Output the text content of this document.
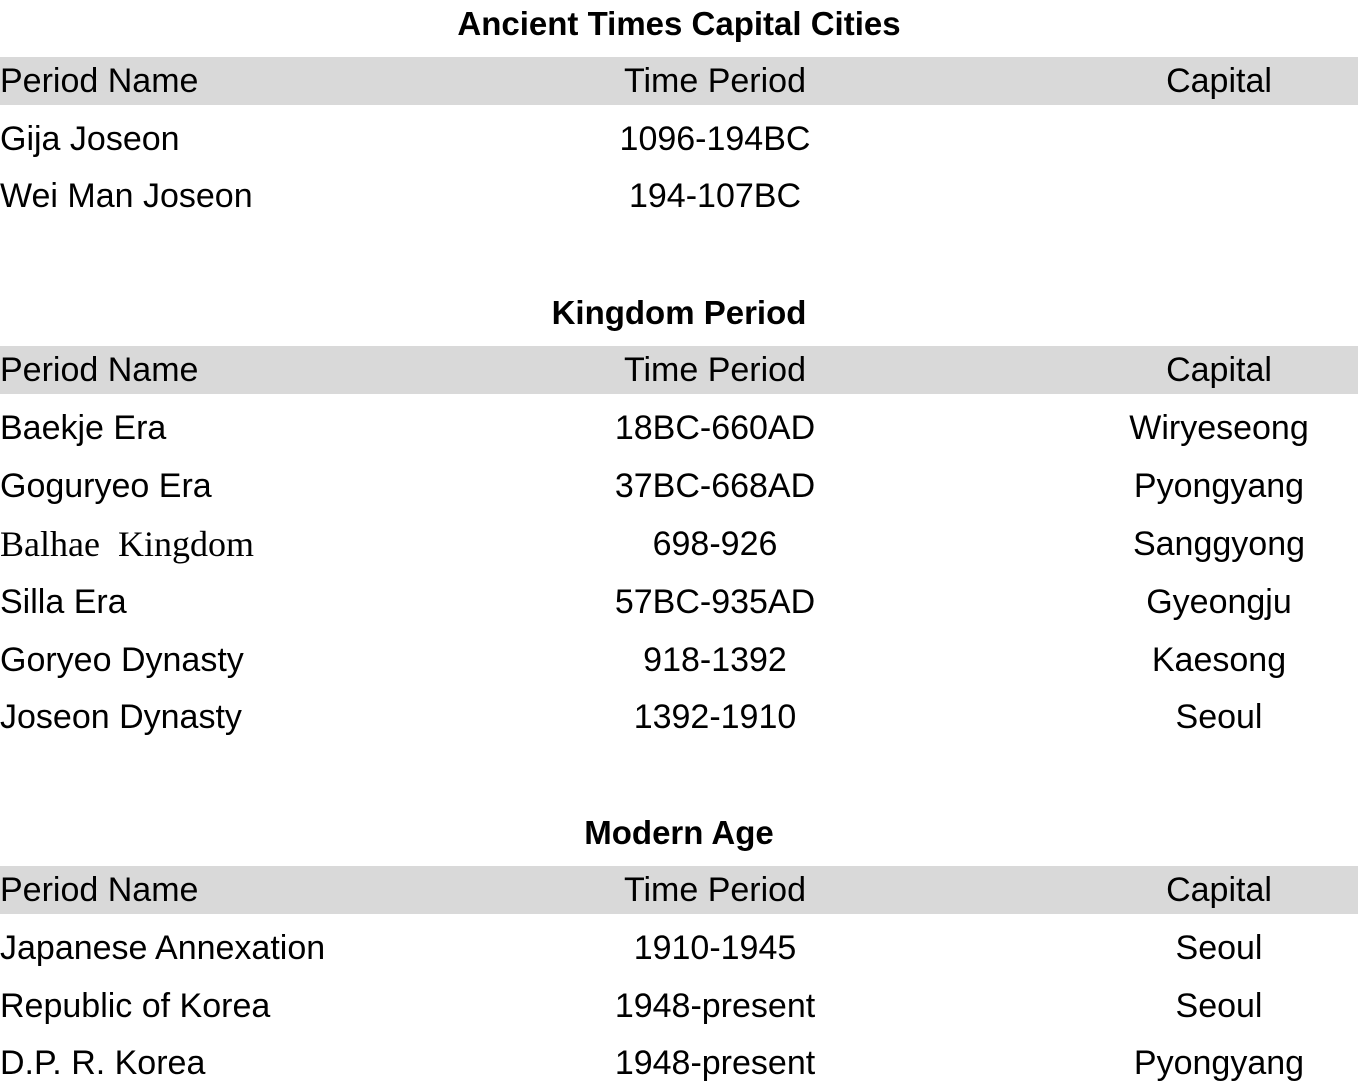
Ancient Times Capital Cities
Period Name	Time Period	Capital
Gija Joseon	1096-194BC
Wei Man Joseon	194-107BC
Kingdom Period
Period Name	Time Period	Capital
Baekje Era	18BC-660AD	Wiryeseong
Goguryeo Era	37BC-668AD	Pyongyang
Balhae  Kingdom	698-926	Sanggyong
Silla Era	57BC-935AD	Gyeongju
Goryeo Dynasty	918-1392	Kaesong
Joseon Dynasty	1392-1910	Seoul
Modern Age
Period Name	Time Period	Capital
Japanese Annexation	1910-1945	Seoul
Republic of Korea	1948-present	Seoul
D.P. R. Korea	1948-present	Pyongyang
